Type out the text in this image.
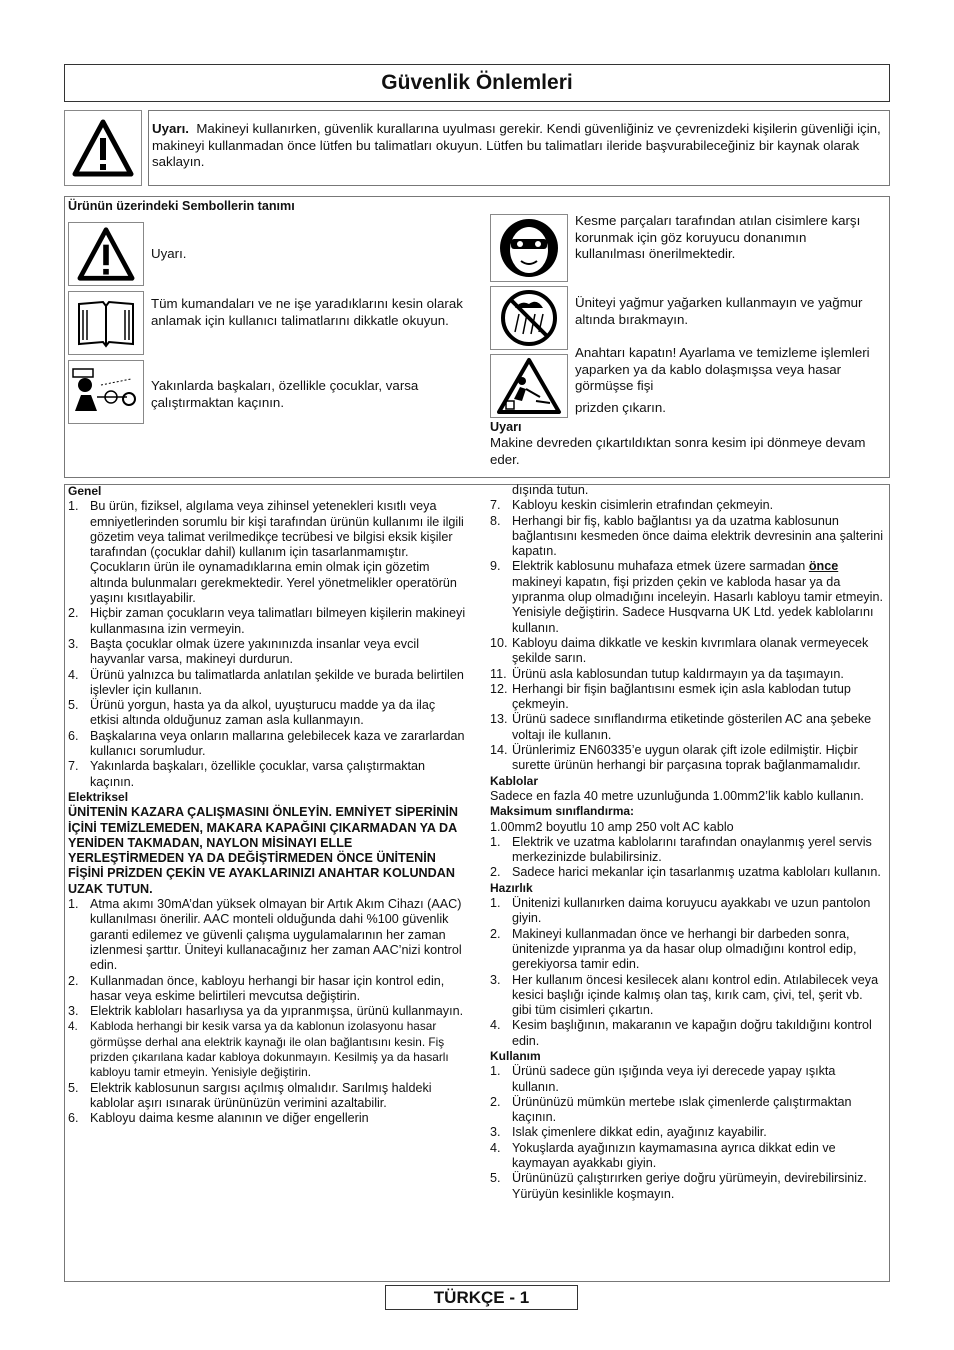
Güvenlik Önlemleri
Uyarı. Makineyi kullanırken, güvenlik kurallarına uyulması gerekir. Kendi güvenliğiniz ve çevrenizdeki kişilerin güvenliği için, makineyi kullanmadan önce lütfen bu talimatları okuyun. Lütfen bu talimatları ileride başvurabileceğiniz bir kaynak olarak saklayın.
Ürünün üzerindeki Sembollerin tanımı
Uyarı.
Tüm kumandaları ve ne işe yaradıklarını kesin olarak anlamak için kullanıcı talimatlarını dikkatle okuyun.
Yakınlarda başkaları, özellikle çocuklar, varsa çalıştırmaktan kaçının.
Kesme parçaları tarafından atılan cisimlere karşı korunmak için göz koruyucu donanımın kullanılması önerilmektedir.
Üniteyi yağmur yağarken kullanmayın ve yağmur altında bırakmayın.
Anahtarı kapatın! Ayarlama ve temizleme işlemleri yaparken ya da kablo dolaşmışsa veya hasar görmüşse fişi
prizden çıkarın.
Uyarı
Makine devreden çıkartıldıktan sonra kesim ipi dönmeye devam eder.
Genel
1. Bu ürün, fiziksel, algılama veya zihinsel yetenekleri kısıtlı veya emniyetlerinden sorumlu bir kişi tarafından ürünün kullanımı ile ilgili gözetim veya talimat verilmedikçe tecrübesi ve bilgisi eksik kişiler tarafından (çocuklar dahil) kullanım için tasarlanmamıştır. Çocukların ürün ile oynamadıklarına emin olmak için gözetim altında bulunmaları gerekmektedir. Yerel yönetmelikler operatörün yaşını kısıtlayabilir.
2. Hiçbir zaman çocukların veya talimatları bilmeyen kişilerin makineyi kullanmasına izin vermeyin.
3. Başta çocuklar olmak üzere yakınınızda insanlar veya evcil hayvanlar varsa, makineyi durdurun.
4. Ürünü yalnızca bu talimatlarda anlatılan şekilde ve burada belirtilen işlevler için kullanın.
5. Ürünü yorgun, hasta ya da alkol, uyuşturucu madde ya da ilaç etkisi altında olduğunuz zaman asla kullanmayın.
6. Başkalarına veya onların mallarına gelebilecek kaza ve zararlardan kullanıcı sorumludur.
7. Yakınlarda başkaları, özellikle çocuklar, varsa çalıştırmaktan kaçının.
Elektriksel
ÜNİTENİN KAZARA ÇALIŞMASINI ÖNLEYİN. EMNİYET SİPERİNİN İÇİNİ TEMİZLEMEDEN, MAKARA KAPAĞINI ÇIKARMADAN YA DA YENİDEN TAKMADAN, NAYLON MİSİNAYI ELLE YERLEŞTİRMEDEN YA DA DEĞİŞTİRMEDEN ÖNCE ÜNİTENİN FİŞİNİ PRİZDEN ÇEKİN VE AYAKLARINIZI ANAHTAR KOLUNDAN UZAK TUTUN.
1. Atma akımı 30mA’dan yüksek olmayan bir Artık Akım Cihazı (AAC) kullanılması önerilir. AAC monteli olduğunda dahi %100 güvenlik garanti edilemez ve güvenli çalışma uygulamalarının her zaman izlenmesi şarttır. Üniteyi kullanacağınız her zaman AAC’nizi kontrol edin.
2. Kullanmadan önce, kabloyu herhangi bir hasar için kontrol edin, hasar veya eskime belirtileri mevcutsa değiştirin.
3. Elektrik kabloları hasarlıysa ya da yıpranmışsa, ürünü kullanmayın.
4.	Kabloda herhangi bir kesik varsa ya da kablonun izolasyonu hasar görmüşse derhal ana elektrik kaynağı ile olan bağlantısını kesin. Fiş prizden çıkarılana kadar kabloya dokunmayın. Kesilmiş ya da hasarlı kabloyu tamir etmeyin. Yenisiyle değiştirin.
5. Elektrik kablosunun sargısı açılmış olmalıdır. Sarılmış haldeki kablolar aşırı ısınarak ürününüzün verimini azaltabilir.
6. Kabloyu daima kesme alanının ve diğer engellerin
dışında tutun.
7. Kabloyu keskin cisimlerin etrafından çekmeyin.
8. Herhangi bir fiş, kablo bağlantısı ya da uzatma kablosunun bağlantısını kesmeden önce daima elektrik devresinin ana şalterini kapatın.
9. Elektrik kablosunu muhafaza etmek üzere sarmadan önce makineyi kapatın, fişi prizden çekin ve kabloda hasar ya da yıpranma olup olmadığını inceleyin. Hasarlı kabloyu tamir etmeyin. Yenisiyle değiştirin. Sadece Husqvarna UK Ltd. yedek kablolarını kullanın.
10. Kabloyu daima dikkatle ve keskin kıvrımlara olanak vermeyecek şekilde sarın.
11. Ürünü asla kablosundan tutup kaldırmayın ya da taşımayın.
12. Herhangi bir fişin bağlantısını esmek için asla kablodan tutup çekmeyin.
13. Ürünü sadece sınıflandırma etiketinde gösterilen AC ana şebeke voltajı ile kullanın.
14. Ürünlerimiz EN60335’e uygun olarak çift izole edilmiştir. Hiçbir surette ürünün herhangi bir parçasına toprak bağlanmamalıdır.
Kablolar
Sadece en fazla 40 metre uzunluğunda 1.00mm2’lik kablo kullanın.
Maksimum sınıflandırma:
1.00mm2 boyutlu 10 amp 250 volt AC kablo
1. Elektrik ve uzatma kablolarını tarafından onaylanmış yerel servis merkezinizde bulabilirsiniz.
2. Sadece harici mekanlar için tasarlanmış uzatma kabloları kullanın.
Hazırlık
1. Ünitenizi kullanırken daima koruyucu ayakkabı ve uzun pantolon giyin.
2. Makineyi kullanmadan önce ve herhangi bir darbeden sonra, ünitenizde yıpranma ya da hasar olup olmadığını kontrol edip, gerekiyorsa tamir edin.
3. Her kullanım öncesi kesilecek alanı kontrol edin. Atılabilecek veya kesici başlığı içinde kalmış olan taş, kırık cam, çivi, tel, şerit vb. gibi tüm cisimleri çıkartın.
4. Kesim başlığının, makaranın ve kapağın doğru takıldığını kontrol edin.
Kullanım
1. Ürünü sadece gün ışığında veya iyi derecede yapay ışıkta kullanın.
2. Ürününüzü mümkün mertebe ıslak çimenlerde çalıştırmaktan kaçının.
3. Islak çimenlere dikkat edin, ayağınız kayabilir.
4. Yokuşlarda ayağınızın kaymamasına ayrıca dikkat edin ve kaymayan ayakkabı giyin.
5. Ürününüzü çalıştırırken geriye doğru yürümeyin, devirebilirsiniz. Yürüyün kesinlikle koşmayın.
TÜRKÇE - 1
